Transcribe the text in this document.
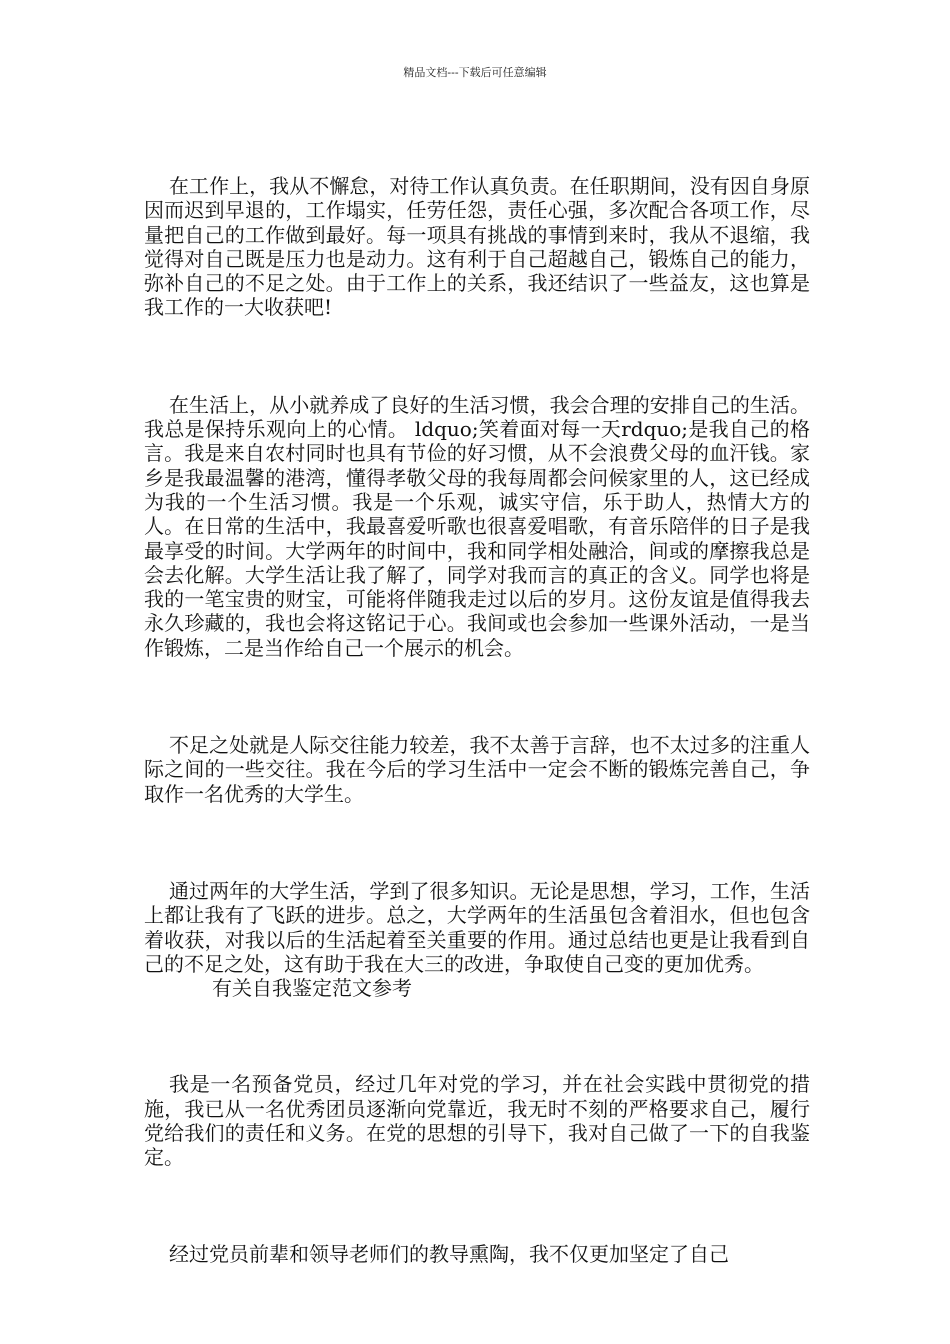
精品文档---下载后可任意编辑

在工作上，我从不懈怠，对待工作认真负责。在任职期间，没有因自身原因而迟到早退的，工作塌实，任劳任怨，责任心强，多次配合各项工作，尽量把自己的工作做到最好。每一项具有挑战的事情到来时，我从不退缩，我觉得对自己既是压力也是动力。这有利于自己超越自己，锻炼自己的能力，弥补自己的不足之处。由于工作上的关系，我还结识了一些益友，这也算是我工作的一大收获吧!

在生活上，从小就养成了良好的生活习惯，我会合理的安排自己的生活。我总是保持乐观向上的心情。 ldquo;笑着面对每一天rdquo;是我自己的格言。我是来自农村同时也具有节俭的好习惯，从不会浪费父母的血汗钱。家乡是我最温馨的港湾，懂得孝敬父母的我每周都会问候家里的人，这已经成为我的一个生活习惯。我是一个乐观，诚实守信，乐于助人，热情大方的人。在日常的生活中，我最喜爱听歌也很喜爱唱歌，有音乐陪伴的日子是我最享受的时间。大学两年的时间中，我和同学相处融洽，间或的摩擦我总是会去化解。大学生活让我了解了，同学对我而言的真正的含义。同学也将是我的一笔宝贵的财宝，可能将伴随我走过以后的岁月。这份友谊是值得我去永久珍藏的，我也会将这铭记于心。我间或也会参加一些课外活动，一是当作锻炼，二是当作给自己一个展示的机会。

不足之处就是人际交往能力较差，我不太善于言辞，也不太过多的注重人际之间的一些交往。我在今后的学习生活中一定会不断的锻炼完善自己，争取作一名优秀的大学生。

通过两年的大学生活，学到了很多知识。无论是思想，学习，工作，生活上都让我有了飞跃的进步。总之，大学两年的生活虽包含着泪水，但也包含着收获，对我以后的生活起着至关重要的作用。通过总结也更是让我看到自己的不足之处，这有助于我在大三的改进，争取使自己变的更加优秀。

有关自我鉴定范文参考

我是一名预备党员，经过几年对党的学习，并在社会实践中贯彻党的措施，我已从一名优秀团员逐渐向党靠近，我无时不刻的严格要求自己，履行党给我们的责任和义务。在党的思想的引导下，我对自己做了一下的自我鉴定。

经过党员前辈和领导老师们的教导熏陶，我不仅更加坚定了自己
